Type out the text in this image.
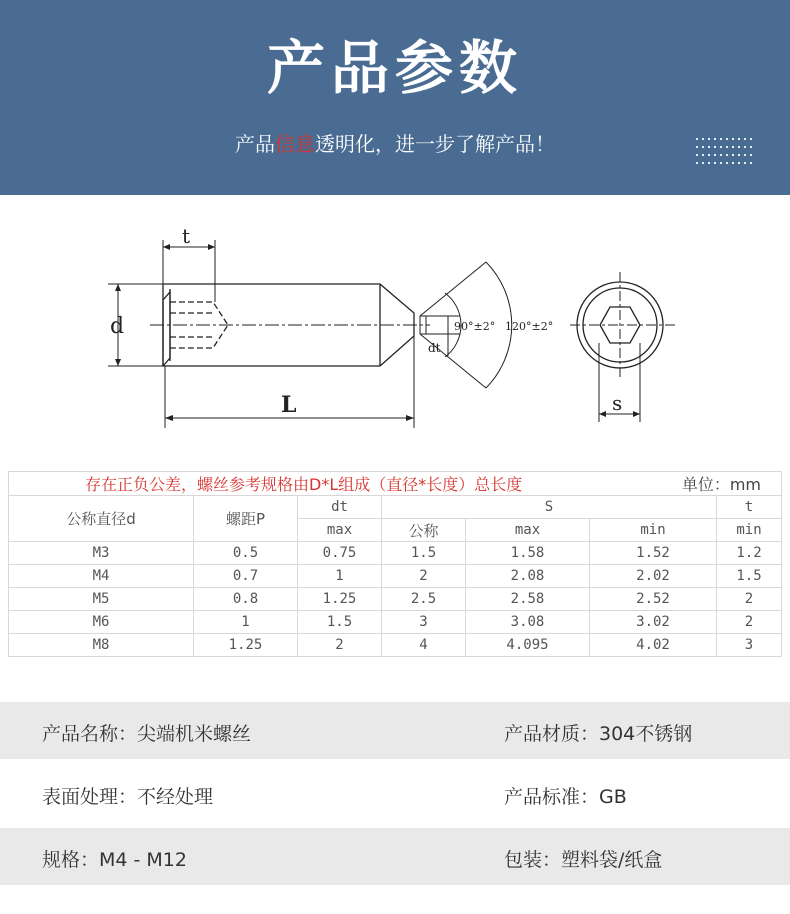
产品参数
产品信息透明化，进一步了解产品！
t
d
L
dt
90°±2° 120°±2°
s
存在正负公差，螺丝参考规格由D*L组成（直径*长度）总长度						单位：mm	
公称直径d	螺距P	dt	S				t
		max	公称	max	min		min
M3	0.5	0.75	1.5	1.58	1.52		1.2
M4	0.7	1	2	2.08	2.02		1.5
M5	0.8	1.25	2.5	2.58	2.52		2
M6	1	1.5	3	3.08	3.02		2
M8	1.25	2	4	4.095	4.02		3
产品名称：尖端机米螺丝	产品材质：304不锈钢
表面处理：不经处理	产品标准：GB
规格：M4 - M12	包装：塑料袋/纸盒
